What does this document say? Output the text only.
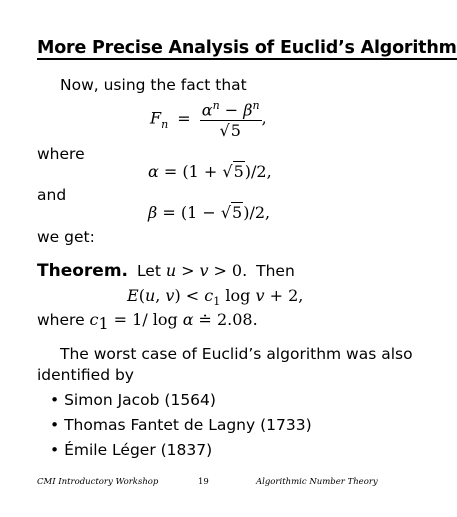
More Precise Analysis of Euclid’s Algorithm
Now, using the fact that
$F_n = \frac{\alpha^n - \beta^n}{√5}$ ,
where
α = (1 + √5)/2,
and
β = (1 − √5)/2,
we get:
Theorem. Let u > v > 0. Then
E(u, $v) < c_1$ log v + 2,
where $c_1 = 1/$ log α ≐ 2.08.
The worst case of Euclid’s algorithm was also
identified by
• Simon Jacob (1564)
• Thomas Fantet de Lagny (1733)
• Émile Léger (1837)
CMI Introductory Workshop	19	Algorithmic Number Theory
